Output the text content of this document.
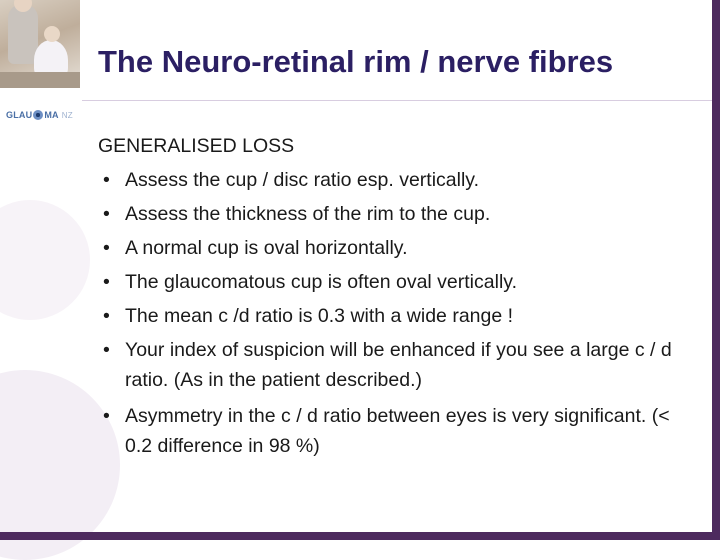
GLAU MA NZ
The Neuro-retinal rim / nerve fibres
GENERALISED LOSS
• Assess the cup / disc ratio esp. vertically.
• Assess the thickness of the rim to the cup.
• A normal cup is oval horizontally.
• The glaucomatous cup is often oval vertically.
• The mean c /d ratio is 0.3 with a wide range !
• Your index of suspicion will be enhanced if you see a large c / d ratio. (As in the patient described.)
• Asymmetry in the c / d ratio between eyes is very significant. (< 0.2 difference in 98 %)
